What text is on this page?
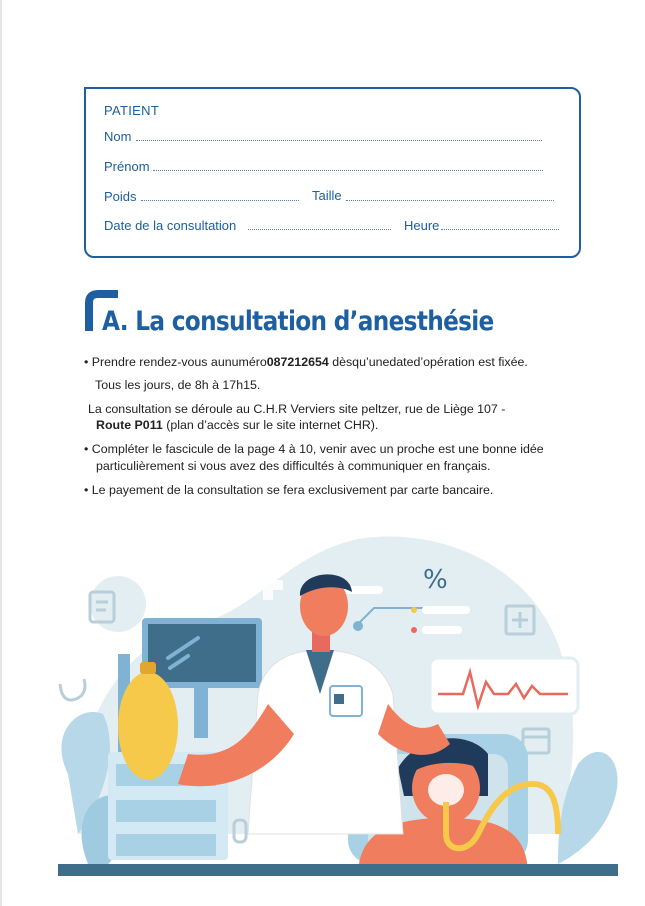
PATIENT
Nom
Prénom
Poids	Taille
Date de la consultation	Heure
A. La consultation d’anesthésie
• Prendre rendez-vous aunuméro087212654 dèsqu’unedated’opération est fixée.
Tous les jours, de 8h à 17h15.
La consultation se déroule au C.H.R Verviers site peltzer, rue de Liège 107 -
Route P011 (plan d’accès sur le site internet CHR).
• Compléter le fascicule de la page 4 à 10, venir avec un proche est une bonne idée
particulièrement si vous avez des difficultés à communiquer en français.
• Le payement de la consultation se fera exclusivement par carte bancaire.
%
